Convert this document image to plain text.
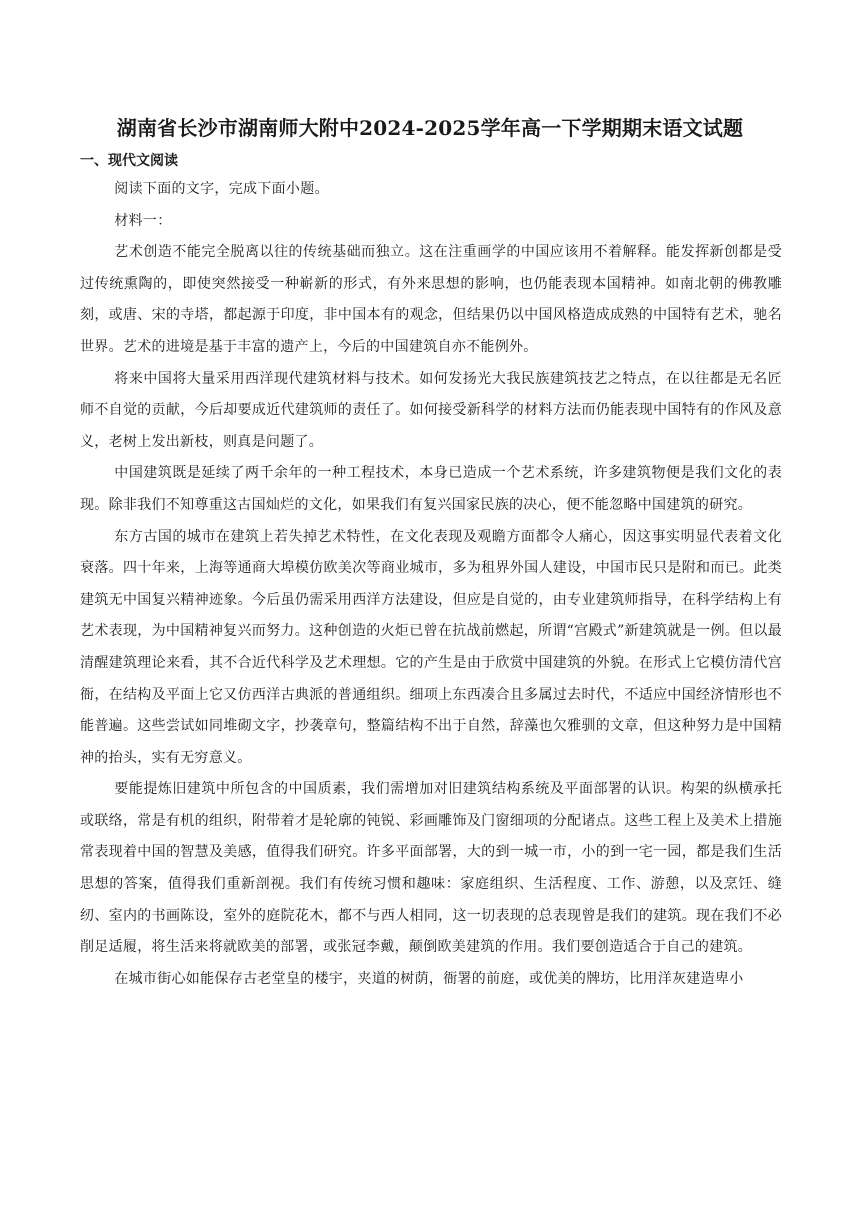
湖南省长沙市湖南师大附中2024-2025学年高一下学期期末语文试题
一、现代文阅读

阅读下面的文字，完成下面小题。

材料一：

艺术创造不能完全脱离以往的传统基础而独立。这在注重画学的中国应该用不着解释。能发挥新创都是受过传统熏陶的，即使突然接受一种嶄新的形式，有外来思想的影响，也仍能表现本国精神。如南北朝的佛教雕刻，或唐、宋的寺塔，都起源于印度，非中国本有的观念，但结果仍以中国风格造成成熟的中国特有艺术，驰名世界。艺术的进境是基于丰富的遗产上，今后的中国建筑自亦不能例外。

将来中国将大量采用西洋现代建筑材料与技术。如何发扬光大我民族建筑技艺之特点，在以往都是无名匠师不自觉的贡献，今后却要成近代建筑师的责任了。如何接受新科学的材料方法而仍能表现中国特有的作风及意义，老树上发出新枝，则真是问题了。

中国建筑既是延续了两千余年的一种工程技术，本身已造成一个艺术系统，许多建筑物便是我们文化的表现。除非我们不知尊重这古国灿烂的文化，如果我们有复兴国家民族的决心，便不能忽略中国建筑的研究。

东方古国的城市在建筑上若失掉艺术特性，在文化表现及观瞻方面都令人痛心，因这事实明显代表着文化衰落。四十年来，上海等通商大埠模仿欧美次等商业城市，多为租界外国人建设，中国市民只是附和而已。此类建筑无中国复兴精神迹象。今后虽仍需采用西洋方法建设，但应是自觉的，由专业建筑师指导，在科学结构上有艺术表现，为中国精神复兴而努力。这种创造的火炬已曾在抗战前燃起，所谓“宫殿式”新建筑就是一例。但以最清醒建筑理论来看，其不合近代科学及艺术理想。它的产生是由于欣赏中国建筑的外貌。在形式上它模仿清代宫衙，在结构及平面上它又仿西洋古典派的普通组织。细项上东西凑合且多属过去时代，不适应中国经济情形也不能普遍。这些尝试如同堆砌文字，抄袭章句，整篇结构不出于自然，辞藻也欠雅驯的文章，但这种努力是中国精神的抬头，实有无穷意义。

要能提炼旧建筑中所包含的中国质素，我们需增加对旧建筑结构系统及平面部署的认识。构架的纵横承托或联络，常是有机的组织，附带着才是轮廓的钝锐、彩画雕饰及门窗细项的分配诸点。这些工程上及美术上措施常表现着中国的智慧及美感，值得我们研究。许多平面部署，大的到一城一市，小的到一宅一园，都是我们生活思想的答案，值得我们重新剖视。我们有传统习惯和趣味：家庭组织、生活程度、工作、游憩，以及烹饪、缝纫、室内的书画陈设，室外的庭院花木，都不与西人相同，这一切表现的总表现曾是我们的建筑。现在我们不必削足适履，将生活来将就欧美的部署，或张冠李戴，颠倒欧美建筑的作用。我们要创造适合于自己的建筑。

在城市街心如能保存古老堂皇的楼宇，夹道的树荫，衙署的前庭，或优美的牌坊，比用洋灰建造卑小
